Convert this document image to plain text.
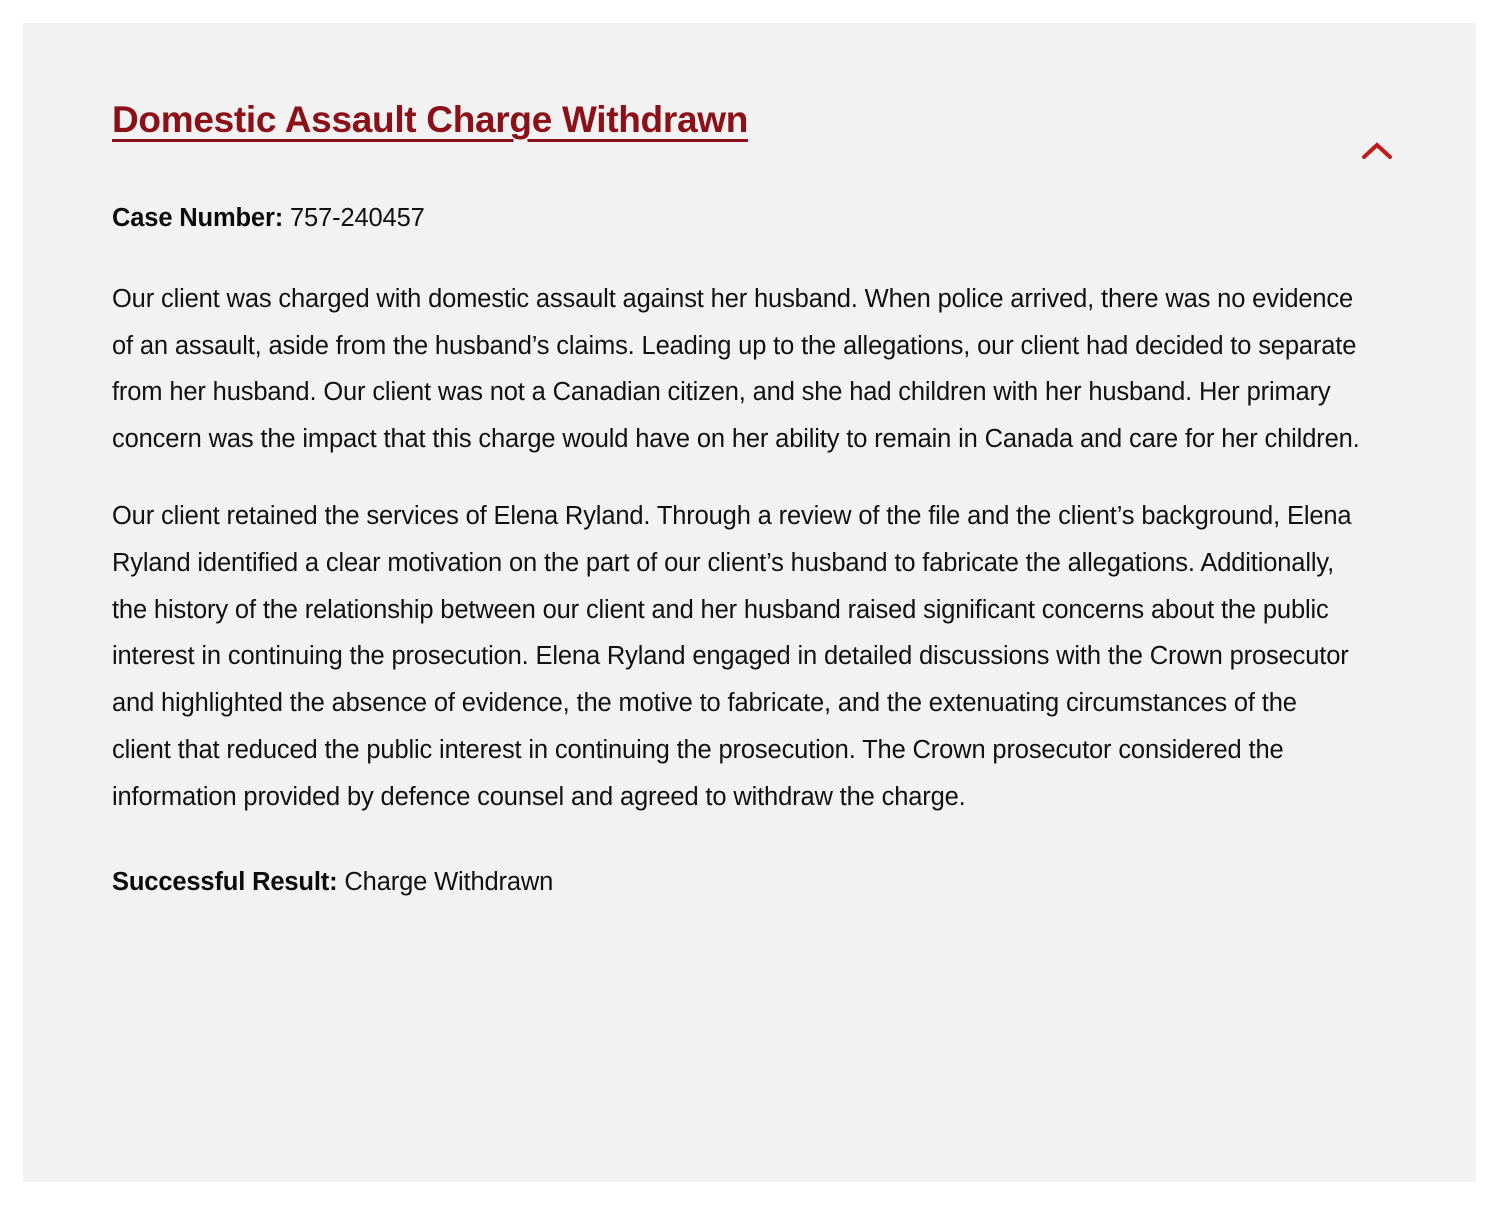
Domestic Assault Charge Withdrawn

Case Number: 757-240457

Our client was charged with domestic assault against her husband. When police arrived, there was no evidence of an assault, aside from the husband’s claims. Leading up to the allegations, our client had decided to separate from her husband. Our client was not a Canadian citizen, and she had children with her husband. Her primary concern was the impact that this charge would have on her ability to remain in Canada and care for her children.

Our client retained the services of Elena Ryland. Through a review of the file and the client’s background, Elena Ryland identified a clear motivation on the part of our client’s husband to fabricate the allegations. Additionally, the history of the relationship between our client and her husband raised significant concerns about the public interest in continuing the prosecution. Elena Ryland engaged in detailed discussions with the Crown prosecutor and highlighted the absence of evidence, the motive to fabricate, and the extenuating circumstances of the client that reduced the public interest in continuing the prosecution. The Crown prosecutor considered the information provided by defence counsel and agreed to withdraw the charge.

Successful Result: Charge Withdrawn
